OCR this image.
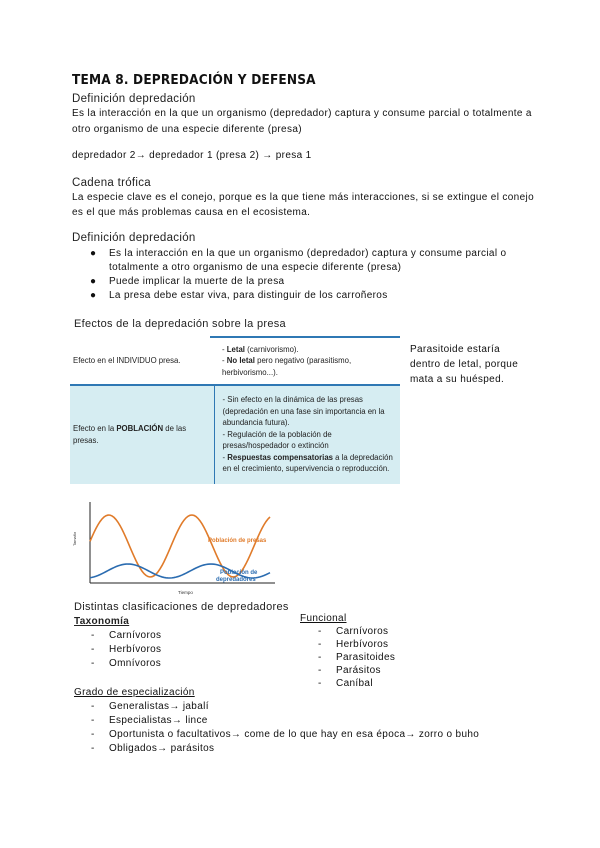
TEMA 8. DEPREDACIÓN Y DEFENSA
Definición depredación
Es la interacción en la que un organismo (depredador) captura y consume parcial o totalmente a
otro organismo de una especie diferente (presa)
depredador 2→ depredador 1 (presa 2) → presa 1
Cadena trófica
La especie clave es el conejo, porque es la que tiene más interacciones, si se extingue el conejo
es el que más problemas causa en el ecosistema.
Definición depredación
● Es la interacción en la que un organismo (depredador) captura y consume parcial o
totalmente a otro organismo de una especie diferente (presa)
● Puede implicar la muerte de la presa
● La presa debe estar viva, para distinguir de los carroñeros
Efectos de la depredación sobre la presa
Efecto en el INDIVIDUO presa.	- Letal (carnivorismo).
- No letal pero negativo (parasitismo, herbivorismo...).

Efecto en la POBLACIÓN de las presas.	- Sin efecto en la dinámica de las presas (depredación en una fase sin importancia en la abundancia futura).
- Regulación de la población de presas/hospedador o extinción
- Respuestas compensatorias a la depredación en el crecimiento, supervivencia o reproducción.
Parasitoide estaría
dentro de letal, porque
mata a su huésped.
Tamaño
Tiempo
Población de presas
Población de
depredadores
Distintas clasificaciones de depredadores
Taxonomía
- Carnívoros
- Herbívoros
- Omnívoros
Funcional
- Carnívoros
- Herbívoros
- Parasitoides
- Parásitos
- Caníbal
Grado de especialización
- Generalistas→ jabalí
- Especialistas→ lince
- Oportunista o facultativos→ come de lo que hay en esa época→ zorro o buho
- Obligados→ parásitos
